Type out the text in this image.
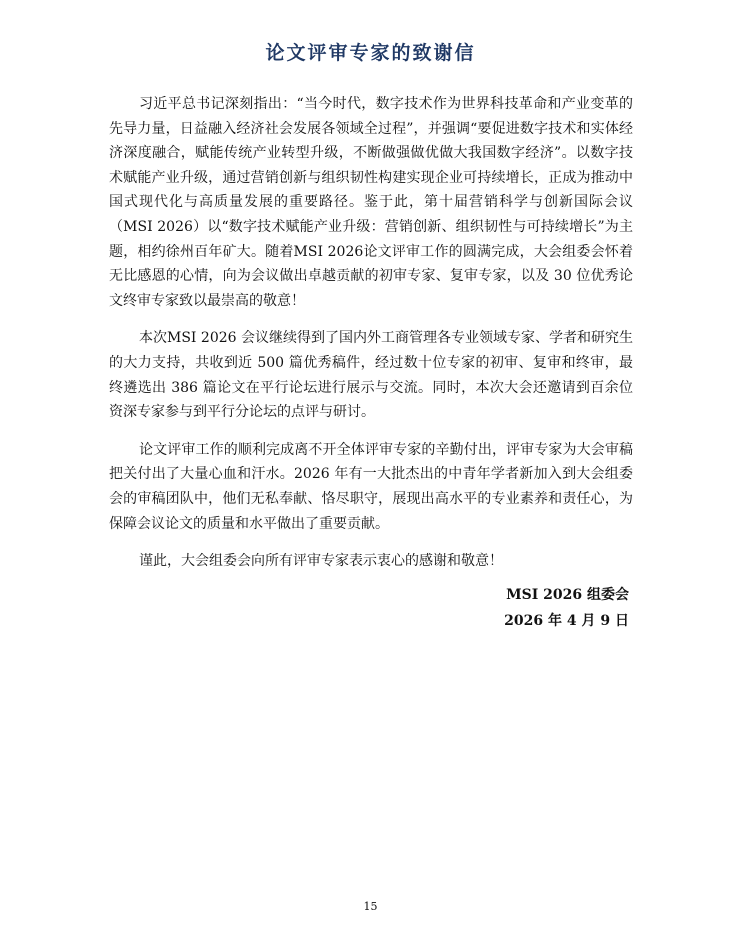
论文评审专家的致谢信

习近平总书记深刻指出：“当今时代，数字技术作为世界科技革命和产业变革的先导力量，日益融入经济社会发展各领域全过程”，并强调“要促进数字技术和实体经济深度融合，赋能传统产业转型升级，不断做强做优做大我国数字经济”。以数字技术赋能产业升级，通过营销创新与组织韧性构建实现企业可持续增长，正成为推动中国式现代化与高质量发展的重要路径。鉴于此，第十届营销科学与创新国际会议（MSI 2026）以“数字技术赋能产业升级：营销创新、组织韧性与可持续增长”为主题，相约徐州百年矿大。随着MSI 2026论文评审工作的圆满完成，大会组委会怀着无比感恩的心情，向为会议做出卓越贡献的初审专家、复审专家，以及 30 位优秀论文终审专家致以最崇高的敬意！

本次MSI 2026 会议继续得到了国内外工商管理各专业领域专家、学者和研究生的大力支持，共收到近 500 篇优秀稿件，经过数十位专家的初审、复审和终审，最终遴选出 386 篇论文在平行论坛进行展示与交流。同时，本次大会还邀请到百余位资深专家参与到平行分论坛的点评与研讨。

论文评审工作的顺利完成离不开全体评审专家的辛勤付出，评审专家为大会审稿把关付出了大量心血和汗水。2026 年有一大批杰出的中青年学者新加入到大会组委会的审稿团队中，他们无私奉献、恪尽职守，展现出高水平的专业素养和责任心，为保障会议论文的质量和水平做出了重要贡献。

谨此，大会组委会向所有评审专家表示衷心的感谢和敬意！

MSI 2026 组委会
2026 年 4 月 9 日
15
